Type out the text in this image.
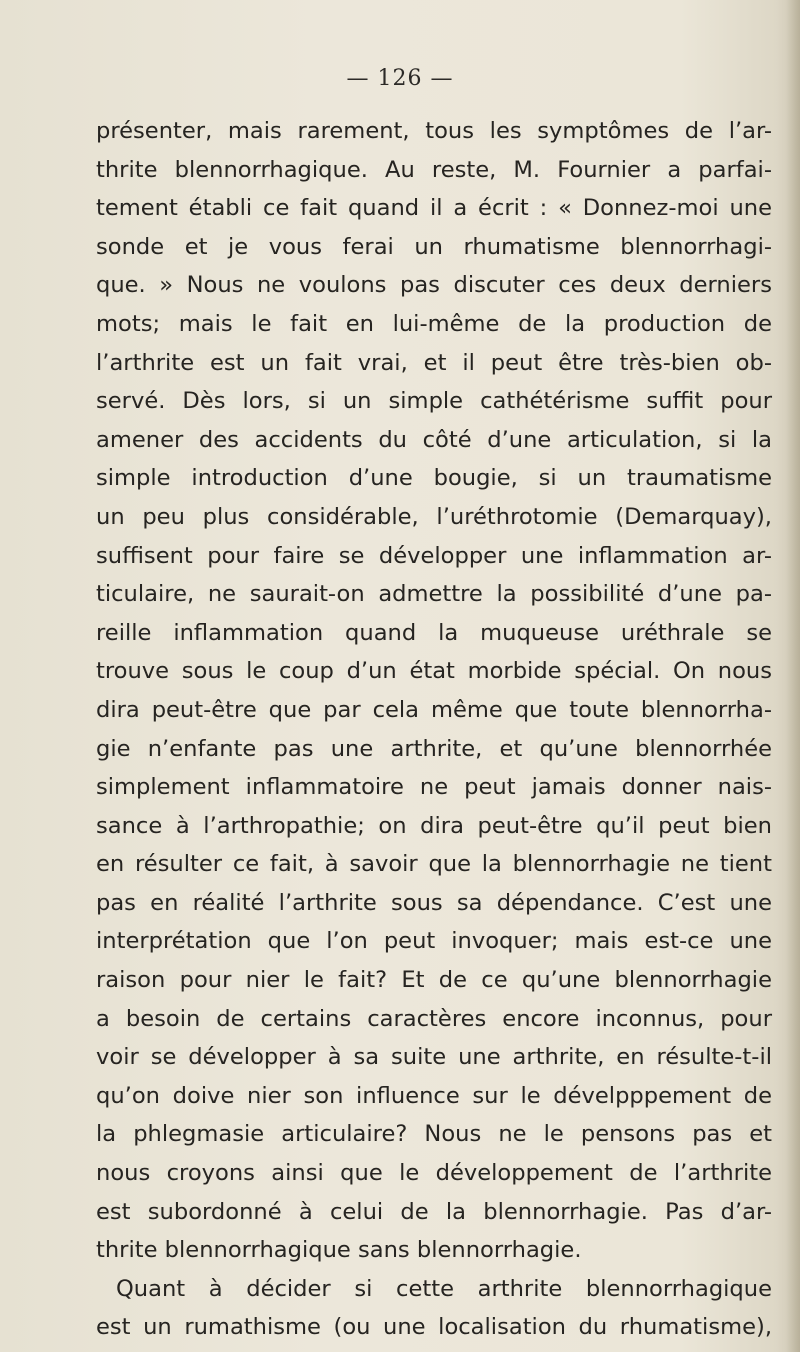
— 126 —
présenter, mais rarement, tous les symptômes de l’ar-
thrite blennorrhagique. Au reste, M. Fournier a parfai-
tement établi ce fait quand il a écrit : « Donnez-moi une
sonde et je vous ferai un rhumatisme blennorrhagi-
que. » Nous ne voulons pas discuter ces deux derniers
mots; mais le fait en lui-même de la production de
l’arthrite est un fait vrai, et il peut être très-bien ob-
servé. Dès lors, si un simple cathétérisme suffit pour
amener des accidents du côté d’une articulation, si la
simple introduction d’une bougie, si un traumatisme
un peu plus considérable, l’uréthrotomie (Demarquay),
suffisent pour faire se développer une inflammation ar-
ticulaire, ne saurait-on admettre la possibilité d’une pa-
reille inflammation quand la muqueuse uréthrale se
trouve sous le coup d’un état morbide spécial. On nous
dira peut-être que par cela même que toute blennorrha-
gie n’enfante pas une arthrite, et qu’une blennorrhée
simplement inflammatoire ne peut jamais donner nais-
sance à l’arthropathie; on dira peut-être qu’il peut bien
en résulter ce fait, à savoir que la blennorrhagie ne tient
pas en réalité l’arthrite sous sa dépendance. C’est une
interprétation que l’on peut invoquer; mais est-ce une
raison pour nier le fait? Et de ce qu’une blennorrhagie
a besoin de certains caractères encore inconnus, pour
voir se développer à sa suite une arthrite, en résulte-t-il
qu’on doive nier son influence sur le dévelpppement de
la phlegmasie articulaire? Nous ne le pensons pas et
nous croyons ainsi que le développement de l’arthrite
est subordonné à celui de la blennorrhagie. Pas d’ar-
thrite blennorrhagique sans blennorrhagie.
Quant à décider si cette arthrite blennorrhagique
est un rumathisme (ou une localisation du rhumatisme),
